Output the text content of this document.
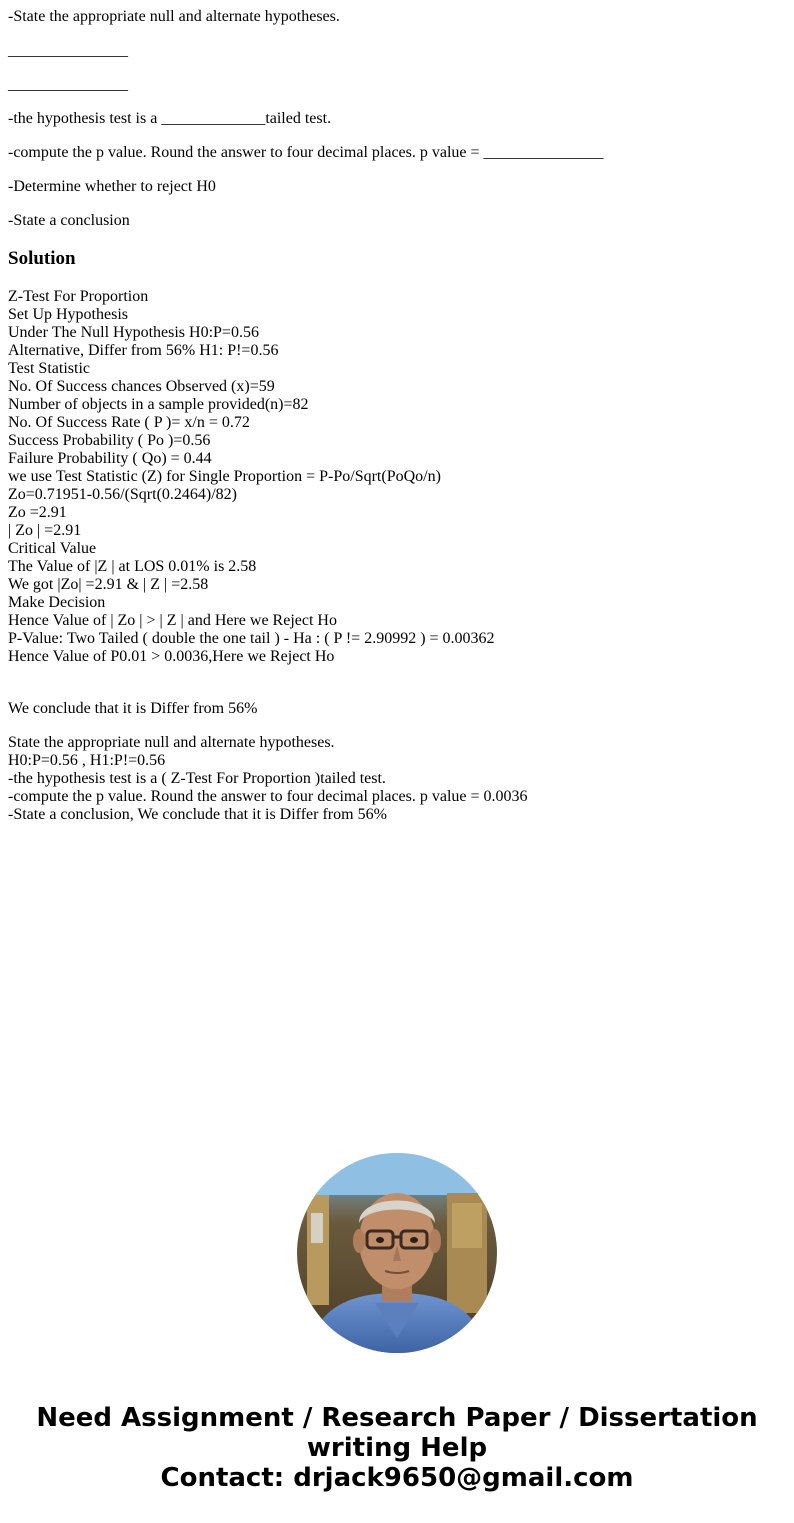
-State the appropriate null and alternate hypotheses.
_______________
_______________
-the hypothesis test is a _____________tailed test.
-compute the p value. Round the answer to four decimal places. p value = _______________
-Determine whether to reject H0
-State a conclusion
Solution
Z-Test For Proportion
Set Up Hypothesis
Under The Null Hypothesis H0:P=0.56
Alternative, Differ from 56% H1: P!=0.56
Test Statistic
No. Of Success chances Observed (x)=59
Number of objects in a sample provided(n)=82
No. Of Success Rate ( P )= x/n = 0.72
Success Probability ( Po )=0.56
Failure Probability ( Qo) = 0.44
we use Test Statistic (Z) for Single Proportion = P-Po/Sqrt(PoQo/n)
Zo=0.71951-0.56/(Sqrt(0.2464)/82)
Zo =2.91
| Zo | =2.91
Critical Value
The Value of |Z | at LOS 0.01% is 2.58
We got |Zo| =2.91 & | Z | =2.58
Make Decision
Hence Value of | Zo | > | Z | and Here we Reject Ho
P-Value: Two Tailed ( double the one tail ) - Ha : ( P != 2.90992 ) = 0.00362
Hence Value of P0.01 > 0.0036,Here we Reject Ho
We conclude that it is Differ from 56%
State the appropriate null and alternate hypotheses.
H0:P=0.56 , H1:P!=0.56
-the hypothesis test is a ( Z-Test For Proportion )tailed test.
-compute the p value. Round the answer to four decimal places. p value = 0.0036
-State a conclusion, We conclude that it is Differ from 56%
Need Assignment / Research Paper / Dissertation
writing Help
Contact: drjack9650@gmail.com
